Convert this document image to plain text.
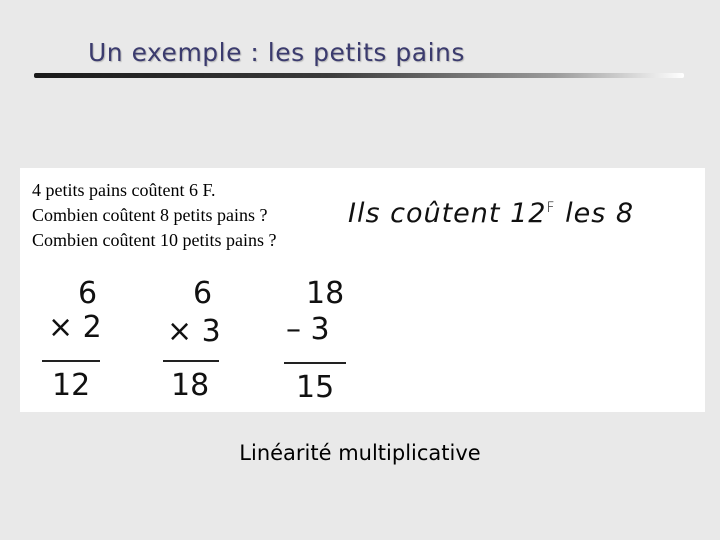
Un exemple : les petits pains
4 petits pains coûtent 6 F.
Combien coûtent 8 petits pains ?
Combien coûtent 10 petits pains ?
Ils coûtent $12^F$ les 8
6
× 2
12
6
× 3
18
18
– 3
15
Linéarité multiplicative
